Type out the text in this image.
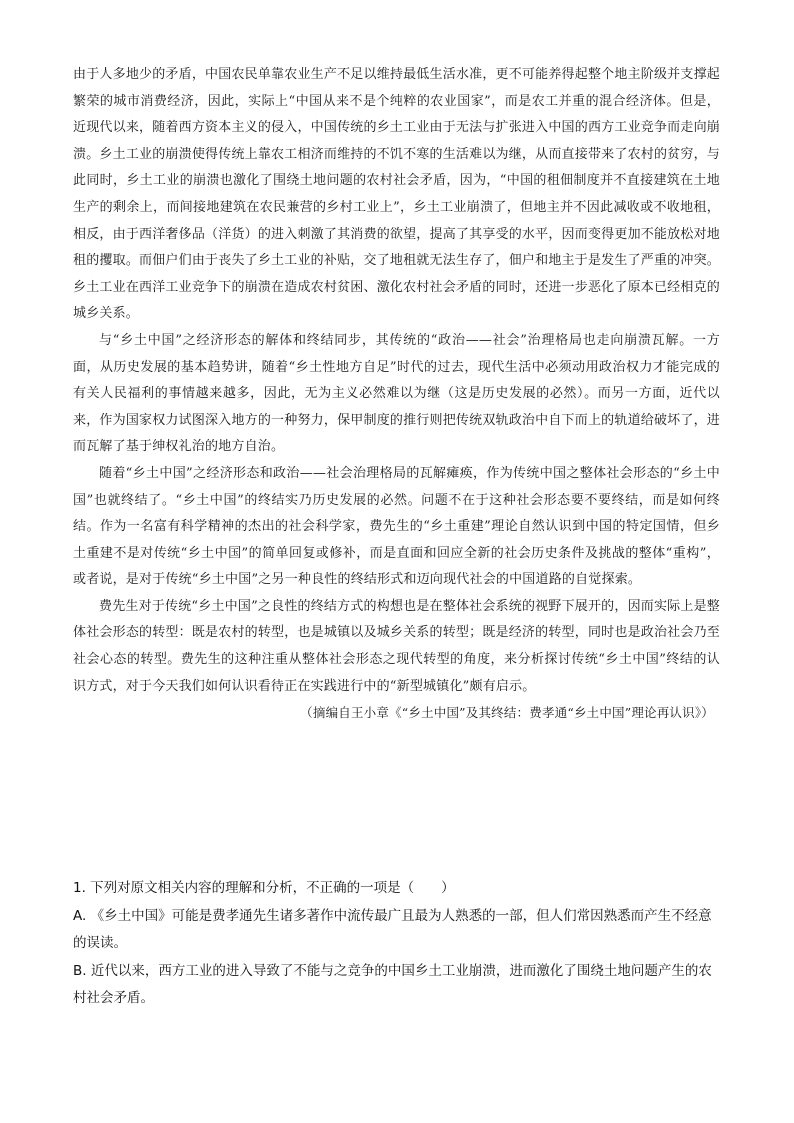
由于人多地少的矛盾，中国农民单靠农业生产不足以维持最低生活水准，更不可能养得起整个地主阶级并支撑起繁荣的城市消费经济，因此，实际上“中国从来不是个纯粹的农业国家”，而是农工并重的混合经济体。但是，近现代以来，随着西方资本主义的侵入，中国传统的乡土工业由于无法与扩张进入中国的西方工业竞争而走向崩溃。乡土工业的崩溃使得传统上靠农工相济而维持的不饥不寒的生活难以为继，从而直接带来了农村的贫穷，与此同时，乡土工业的崩溃也激化了围绕土地问题的农村社会矛盾，因为，“中国的租佃制度并不直接建筑在土地生产的剩余上，而间接地建筑在农民兼营的乡村工业上”，乡土工业崩溃了，但地主并不因此减收或不收地租，相反，由于西洋奢侈品（洋货）的进入刺激了其消费的欲望，提高了其享受的水平，因而变得更加不能放松对地租的攫取。而佃户们由于丧失了乡土工业的补贴，交了地租就无法生存了，佃户和地主于是发生了严重的冲突。乡土工业在西洋工业竞争下的崩溃在造成农村贫困、激化农村社会矛盾的同时，还进一步恶化了原本已经相克的城乡关系。

与“乡土中国”之经济形态的解体和终结同步，其传统的“政治——社会”治理格局也走向崩溃瓦解。一方面，从历史发展的基本趋势讲，随着“乡土性地方自足”时代的过去，现代生活中必须动用政治权力才能完成的有关人民福利的事情越来越多，因此，无为主义必然难以为继（这是历史发展的必然）。而另一方面，近代以来，作为国家权力试图深入地方的一种努力，保甲制度的推行则把传统双轨政治中自下而上的轨道给破坏了，进而瓦解了基于绅权礼治的地方自治。

随着“乡土中国”之经济形态和政治——社会治理格局的瓦解瘫痪，作为传统中国之整体社会形态的“乡土中国”也就终结了。“乡土中国”的终结实乃历史发展的必然。问题不在于这种社会形态要不要终结，而是如何终结。作为一名富有科学精神的杰出的社会科学家，费先生的“乡土重建”理论自然认识到中国的特定国情，但乡土重建不是对传统“乡土中国”的简单回复或修补，而是直面和回应全新的社会历史条件及挑战的整体“重构”，或者说，是对于传统“乡土中国”之另一种良性的终结形式和迈向现代社会的中国道路的自觉探索。

费先生对于传统“乡土中国”之良性的终结方式的构想也是在整体社会系统的视野下展开的，因而实际上是整体社会形态的转型：既是农村的转型，也是城镇以及城乡关系的转型；既是经济的转型，同时也是政治社会乃至社会心态的转型。费先生的这种注重从整体社会形态之现代转型的角度，来分析探讨传统“乡土中国”终结的认识方式，对于今天我们如何认识看待正在实践进行中的“新型城镇化”颇有启示。

（摘编自王小章《“乡土中国”及其终结：费孝通“乡土中国”理论再认识》）

1. 下列对原文相关内容的理解和分析，不正确的一项是（　　）

A. 《乡土中国》可能是费孝通先生诸多著作中流传最广且最为人熟悉的一部，但人们常因熟悉而产生不经意的误读。
B. 近代以来，西方工业的进入导致了不能与之竞争的中国乡土工业崩溃，进而激化了围绕土地问题产生的农村社会矛盾。
